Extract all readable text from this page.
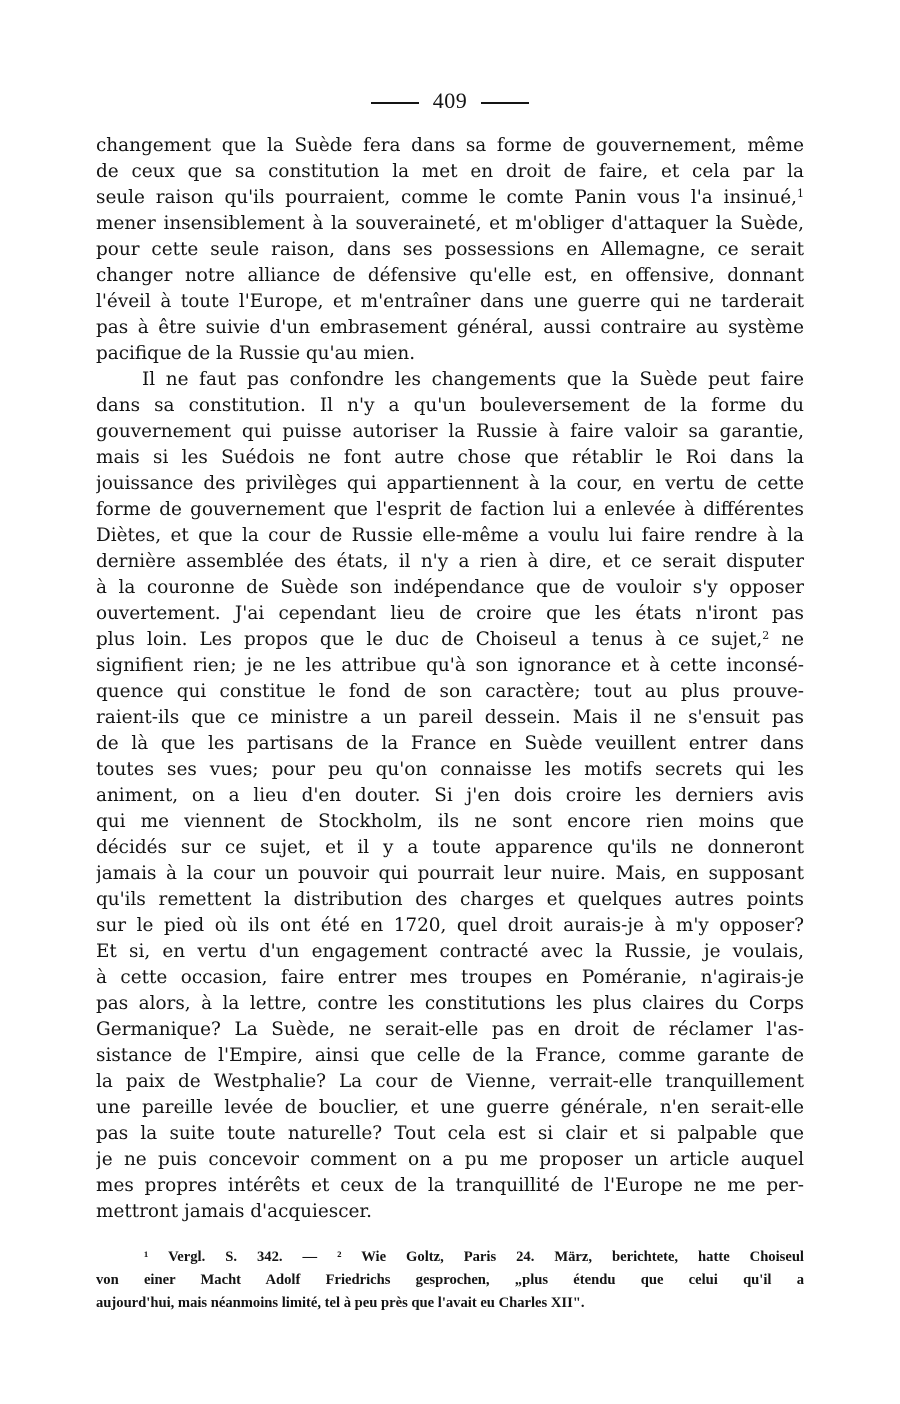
409
changement que la Suède fera dans sa forme de gouvernement, même
de ceux que sa constitution la met en droit de faire, et cela par la
seule raison qu'ils pourraient, comme le comte Panin vous l'a insinué,$^1$
mener insensiblement à la souveraineté, et m'obliger d'attaquer la Suède,
pour cette seule raison, dans ses possessions en Allemagne, ce serait
changer notre alliance de défensive qu'elle est, en offensive, donnant
l'éveil à toute l'Europe, et m'entraîner dans une guerre qui ne tarderait
pas à être suivie d'un embrasement général, aussi contraire au système
pacifique de la Russie qu'au mien.
Il ne faut pas confondre les changements que la Suède peut faire
dans sa constitution. Il n'y a qu'un bouleversement de la forme du
gouvernement qui puisse autoriser la Russie à faire valoir sa garantie,
mais si les Suédois ne font autre chose que rétablir le Roi dans la
jouissance des privilèges qui appartiennent à la cour, en vertu de cette
forme de gouvernement que l'esprit de faction lui a enlevée à différentes
Diètes, et que la cour de Russie elle-même a voulu lui faire rendre à la
dernière assemblée des états, il n'y a rien à dire, et ce serait disputer
à la couronne de Suède son indépendance que de vouloir s'y opposer
ouvertement. J'ai cependant lieu de croire que les états n'iront pas
plus loin. Les propos que le duc de Choiseul a tenus à ce sujet,$^2$ ne
signifient rien; je ne les attribue qu'à son ignorance et à cette inconsé-
quence qui constitue le fond de son caractère; tout au plus prouve-
raient-ils que ce ministre a un pareil dessein. Mais il ne s'ensuit pas
de là que les partisans de la France en Suède veuillent entrer dans
toutes ses vues; pour peu qu'on connaisse les motifs secrets qui les
animent, on a lieu d'en douter. Si j'en dois croire les derniers avis
qui me viennent de Stockholm, ils ne sont encore rien moins que
décidés sur ce sujet, et il y a toute apparence qu'ils ne donneront
jamais à la cour un pouvoir qui pourrait leur nuire. Mais, en supposant
qu'ils remettent la distribution des charges et quelques autres points
sur le pied où ils ont été en 1720, quel droit aurais-je à m'y opposer?
Et si, en vertu d'un engagement contracté avec la Russie, je voulais,
à cette occasion, faire entrer mes troupes en Poméranie, n'agirais-je
pas alors, à la lettre, contre les constitutions les plus claires du Corps
Germanique? La Suède, ne serait-elle pas en droit de réclamer l'as-
sistance de l'Empire, ainsi que celle de la France, comme garante de
la paix de Westphalie? La cour de Vienne, verrait-elle tranquillement
une pareille levée de bouclier, et une guerre générale, n'en serait-elle
pas la suite toute naturelle? Tout cela est si clair et si palpable que
je ne puis concevoir comment on a pu me proposer un article auquel
mes propres intérêts et ceux de la tranquillité de l'Europe ne me per-
mettront jamais d'acquiescer.
¹ Vergl. S. 342. — ² Wie Goltz, Paris 24. März, berichtete, hatte Choiseul
von einer Macht Adolf Friedrichs gesprochen, „plus étendu que celui qu'il a
aujourd'hui, mais néanmoins limité, tel à peu près que l'avait eu Charles XII".
